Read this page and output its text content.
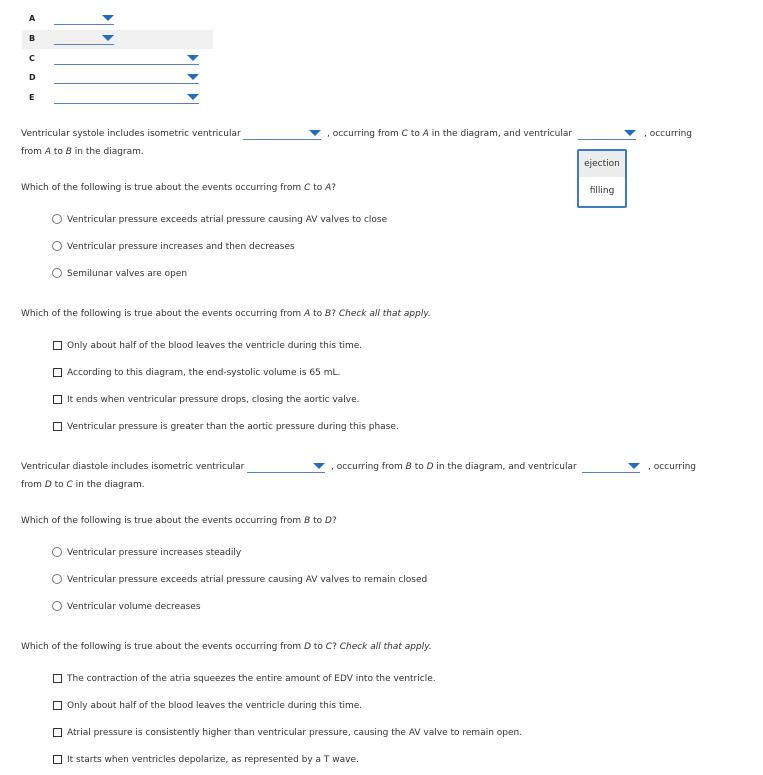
A
B
C
D
E
Ventricular systole includes isometric ventricular	, occurring from C to A in the diagram, and ventricular	, occurring
from A to B in the diagram.
ejection
filling
Which of the following is true about the events occurring from C to A?
Ventricular pressure exceeds atrial pressure causing AV valves to close
Ventricular pressure increases and then decreases
Semilunar valves are open
Which of the following is true about the events occurring from A to B? Check all that apply.
Only about half of the blood leaves the ventricle during this time.
According to this diagram, the end-systolic volume is 65 mL.
It ends when ventricular pressure drops, closing the aortic valve.
Ventricular pressure is greater than the aortic pressure during this phase.
Ventricular diastole includes isometric ventricular	, occurring from B to D in the diagram, and ventricular	, occurring
from D to C in the diagram.
Which of the following is true about the events occurring from B to D?
Ventricular pressure increases steadily
Ventricular pressure exceeds atrial pressure causing AV valves to remain closed
Ventricular volume decreases
Which of the following is true about the events occurring from D to C? Check all that apply.
The contraction of the atria squeezes the entire amount of EDV into the ventricle.
Only about half of the blood leaves the ventricle during this time.
Atrial pressure is consistently higher than ventricular pressure, causing the AV valve to remain open.
It starts when ventricles depolarize, as represented by a T wave.
